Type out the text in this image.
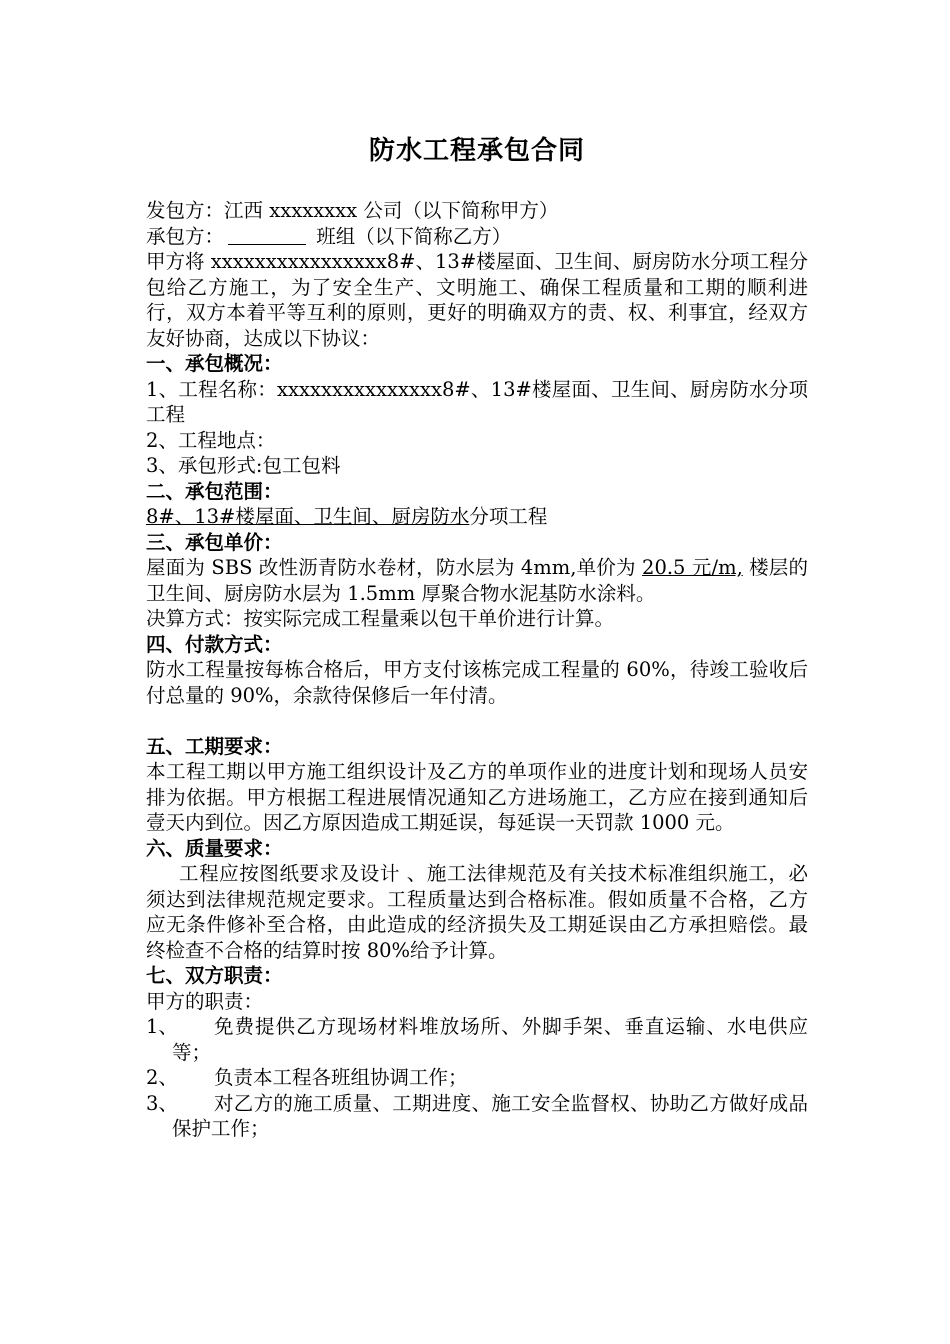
防水工程承包合同

发包方：江西 xxxxxxxx 公司（以下简称甲方）

承包方：	班组（以下简称乙方）

甲方将 xxxxxxxxxxxxxxxx8#、13#楼屋面、卫生间、厨房防水分项工程分包给乙方施工，为了安全生产、文明施工、确保工程质量和工期的顺利进行，双方本着平等互利的原则，更好的明确双方的责、权、利事宜，经双方友好协商，达成以下协议：

一、承包概况：

1、工程名称：xxxxxxxxxxxxxxx8#、13#楼屋面、卫生间、厨房防水分项工程

2、工程地点：

3、承包形式:包工包料

二、承包范围：

8#、13#楼屋面、卫生间、厨房防水分项工程

三、承包单价：

屋面为 SBS 改性沥青防水卷材，防水层为 4mm,单价为 20.5 元/m, 楼层的卫生间、厨房防水层为 1.5mm 厚聚合物水泥基防水涂料。

决算方式：按实际完成工程量乘以包干单价进行计算。

四、付款方式：

防水工程量按每栋合格后，甲方支付该栋完成工程量的 60%，待竣工验收后付总量的 90%，余款待保修后一年付清。

五、工期要求：

本工程工期以甲方施工组织设计及乙方的单项作业的进度计划和现场人员安排为依据。甲方根据工程进展情况通知乙方进场施工，乙方应在接到通知后壹天内到位。因乙方原因造成工期延误，每延误一天罚款 1000 元。

六、质量要求：

工程应按图纸要求及设计 、施工法律规范及有关技术标准组织施工，必须达到法律规范规定要求。工程质量达到合格标准。假如质量不合格，乙方应无条件修补至合格，由此造成的经济损失及工期延误由乙方承担赔偿。最终检查不合格的结算时按 80%给予计算。

七、双方职责：

甲方的职责：

1、	免费提供乙方现场材料堆放场所、外脚手架、垂直运输、水电供应等；
2、	负责本工程各班组协调工作；
3、	对乙方的施工质量、工期进度、施工安全监督权、协助乙方做好成品保护工作；
